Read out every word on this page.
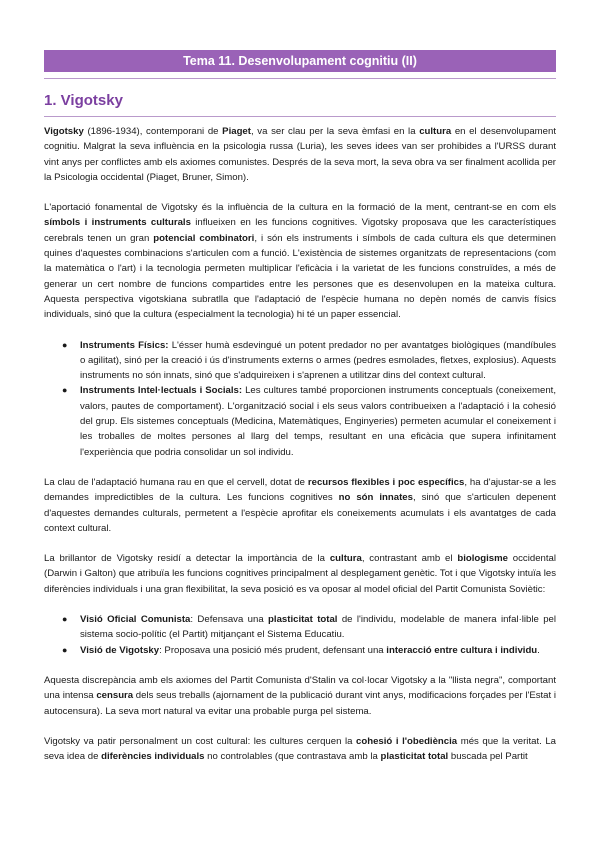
Tema 11. Desenvolupament cognitiu (II)
1. Vigotsky

Vigotsky (1896-1934), contemporani de Piaget, va ser clau per la seva èmfasi en la cultura en el desenvolupament cognitiu. Malgrat la seva influència en la psicologia russa (Luria), les seves idees van ser prohibides a l'URSS durant vint anys per conflictes amb els axiomes comunistes. Després de la seva mort, la seva obra va ser finalment acollida per la Psicologia occidental (Piaget, Bruner, Simon).

L'aportació fonamental de Vigotsky és la influència de la cultura en la formació de la ment, centrant-se en com els símbols i instruments culturals influeixen en les funcions cognitives. Vigotsky proposava que les característiques cerebrals tenen un gran potencial combinatori, i són els instruments i símbols de cada cultura els que determinen quines d'aquestes combinacions s'articulen com a funció. L'existència de sistemes organitzats de representacions (com la matemàtica o l'art) i la tecnologia permeten multiplicar l'eficàcia i la varietat de les funcions construïdes, a més de generar un cert nombre de funcions compartides entre les persones que es desenvolupen en la mateixa cultura. Aquesta perspectiva vigotskiana subratlla que l'adaptació de l'espècie humana no depèn només de canvis físics individuals, sinó que la cultura (especialment la tecnologia) hi té un paper essencial.

● Instruments Físics: L'ésser humà esdevingué un potent predador no per avantatges biològiques (mandíbules o agilitat), sinó per la creació i ús d'instruments externs o armes (pedres esmolades, fletxes, explosius). Aquests instruments no són innats, sinó que s'adquireixen i s'aprenen a utilitzar dins del context cultural.
● Instruments Intel·lectuals i Socials: Les cultures també proporcionen instruments conceptuals (coneixement, valors, pautes de comportament). L'organització social i els seus valors contribueixen a l'adaptació i la cohesió del grup. Els sistemes conceptuals (Medicina, Matemàtiques, Enginyeries) permeten acumular el coneixement i les troballes de moltes persones al llarg del temps, resultant en una eficàcia que supera infinitament l'experiència que podria consolidar un sol individu.

La clau de l'adaptació humana rau en que el cervell, dotat de recursos flexibles i poc específics, ha d'ajustar-se a les demandes impredictibles de la cultura. Les funcions cognitives no són innates, sinó que s'articulen depenent d'aquestes demandes culturals, permetent a l'espècie aprofitar els coneixements acumulats i els avantatges de cada context cultural.

La brillantor de Vigotsky residí a detectar la importància de la cultura, contrastant amb el biologisme occidental (Darwin i Galton) que atribuïa les funcions cognitives principalment al desplegament genètic. Tot i que Vigotsky intuïa les diferències individuals i una gran flexibilitat, la seva posició es va oposar al model oficial del Partit Comunista Soviètic:

● Visió Oficial Comunista: Defensava una plasticitat total de l'individu, modelable de manera infal·lible pel sistema socio-polític (el Partit) mitjançant el Sistema Educatiu.
● Visió de Vigotsky: Proposava una posició més prudent, defensant una interacció entre cultura i individu.

Aquesta discrepància amb els axiomes del Partit Comunista d'Stalin va col·locar Vigotsky a la "llista negra", comportant una intensa censura dels seus treballs (ajornament de la publicació durant vint anys, modificacions forçades per l'Estat i autocensura). La seva mort natural va evitar una probable purga pel sistema.

Vigotsky va patir personalment un cost cultural: les cultures cerquen la cohesió i l'obediència més que la veritat. La seva idea de diferències individuals no controlables (que contrastava amb la plasticitat total buscada pel Partit
